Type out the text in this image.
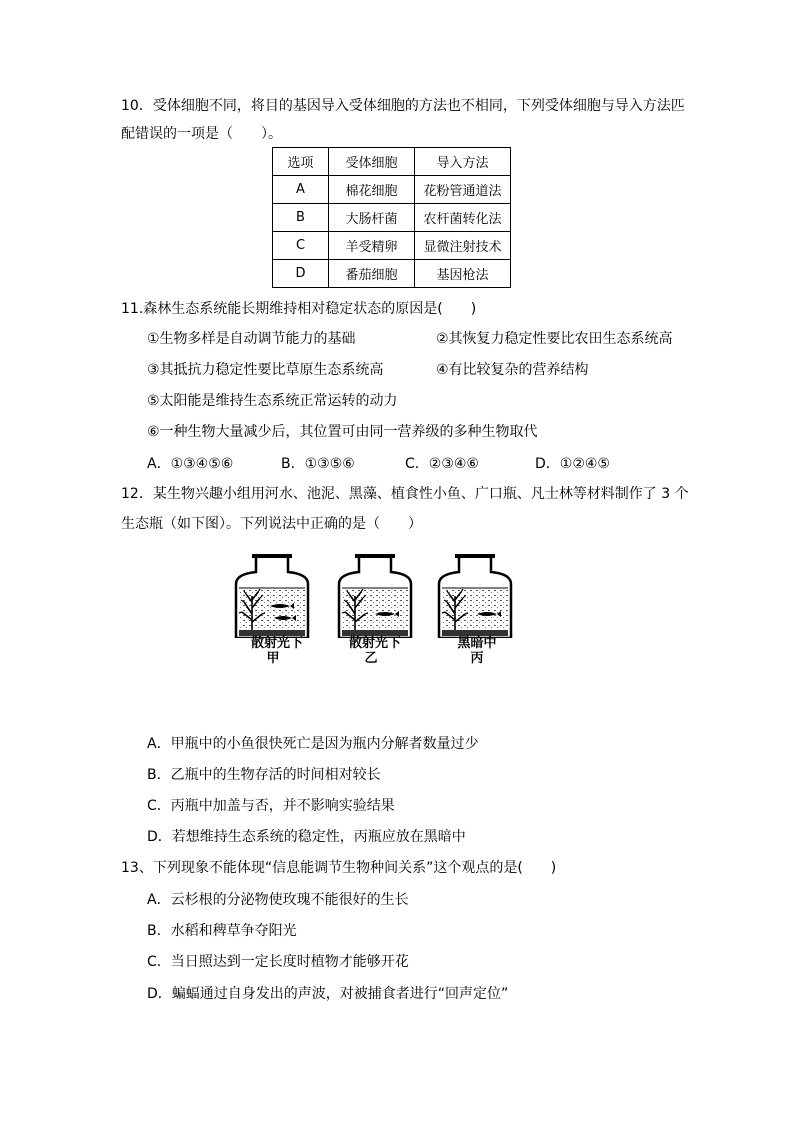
10．受体细胞不同，将目的基因导入受体细胞的方法也不相同，下列受体细胞与导入方法匹
配错误的一项是（　　）。
选项	受体细胞	导入方法
A	棉花细胞	花粉管通道法
B	大肠杆菌	农杆菌转化法
C	羊受精卵	显微注射技术
D	番茄细胞	基因枪法
11.森林生态系统能长期维持相对稳定状态的原因是(　　)
①生物多样是自动调节能力的基础	②其恢复力稳定性要比农田生态系统高
③其抵抗力稳定性要比草原生态系统高	④有比较复杂的营养结构
⑤太阳能是维持生态系统正常运转的动力
⑥一种生物大量减少后，其位置可由同一营养级的多种生物取代
A．①③④⑤⑥	B．①③⑤⑥	C．②③④⑥	D．①②④⑤
12．某生物兴趣小组用河水、池泥、黑藻、植食性小鱼、广口瓶、凡士林等材料制作了 3 个
生态瓶（如下图）。下列说法中正确的是（　　）
散射光下
甲
散射光下
乙
黑暗中
丙
A．甲瓶中的小鱼很快死亡是因为瓶内分解者数量过少
B．乙瓶中的生物存活的时间相对较长
C．丙瓶中加盖与否，并不影响实验结果
D．若想维持生态系统的稳定性，丙瓶应放在黑暗中
13、下列现象不能体现“信息能调节生物种间关系”这个观点的是(　　)
A．云杉根的分泌物使玫瑰不能很好的生长
B．水稻和稗草争夺阳光
C．当日照达到一定长度时植物才能够开花
D．蝙蝠通过自身发出的声波，对被捕食者进行“回声定位”
